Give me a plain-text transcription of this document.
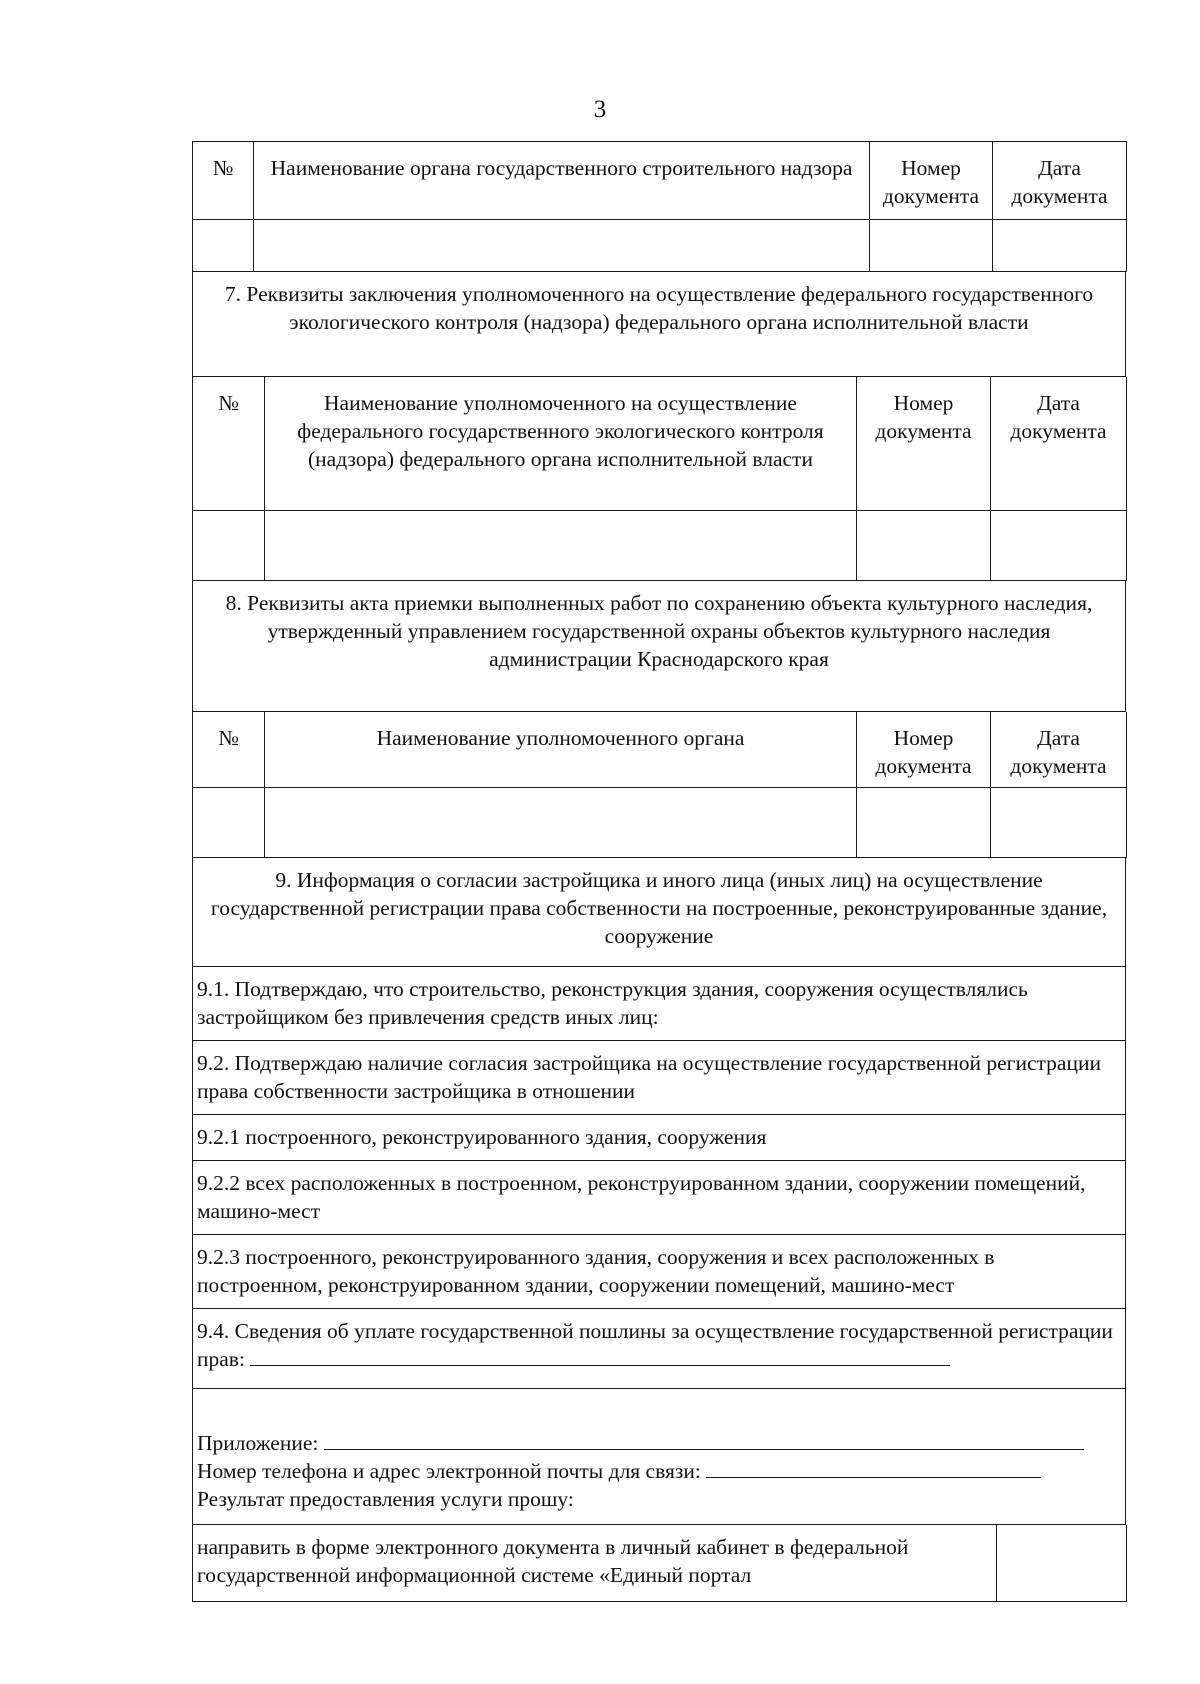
3
№	Наименование органа государственного строительного надзора	Номер документа	Дата документа

7. Реквизиты заключения уполномоченного на осуществление федерального государственного экологического контроля (надзора) федерального органа исполнительной власти
№	Наименование уполномоченного на осуществление федерального государственного экологического контроля (надзора) федерального органа исполнительной власти	Номер документа	Дата документа

8. Реквизиты акта приемки выполненных работ по сохранению объекта культурного наследия, утвержденный управлением государственной охраны объектов культурного наследия администрации Краснодарского края
№	Наименование уполномоченного органа	Номер документа	Дата документа

9. Информация о согласии застройщика и иного лица (иных лиц) на осуществление государственной регистрации права собственности на построенные, реконструированные здание, сооружение
9.1. Подтверждаю, что строительство, реконструкция здания, сооружения осуществлялись застройщиком без привлечения средств иных лиц:
9.2. Подтверждаю наличие согласия застройщика на осуществление государственной регистрации права собственности застройщика в отношении
9.2.1 построенного, реконструированного здания, сооружения
9.2.2 всех расположенных в построенном, реконструированном здании, сооружении помещений, машино-мест
9.2.3 построенного, реконструированного здания, сооружения и всех расположенных в построенном, реконструированном здании, сооружении помещений, машино-мест
9.4. Сведения об уплате государственной пошлины за осуществление государственной регистрации прав:

Приложение:
Номер телефона и адрес электронной почты для связи:
Результат предоставления услуги прошу:
направить в форме электронного документа в личный кабинет в федеральной государственной информационной системе «Единый портал	
